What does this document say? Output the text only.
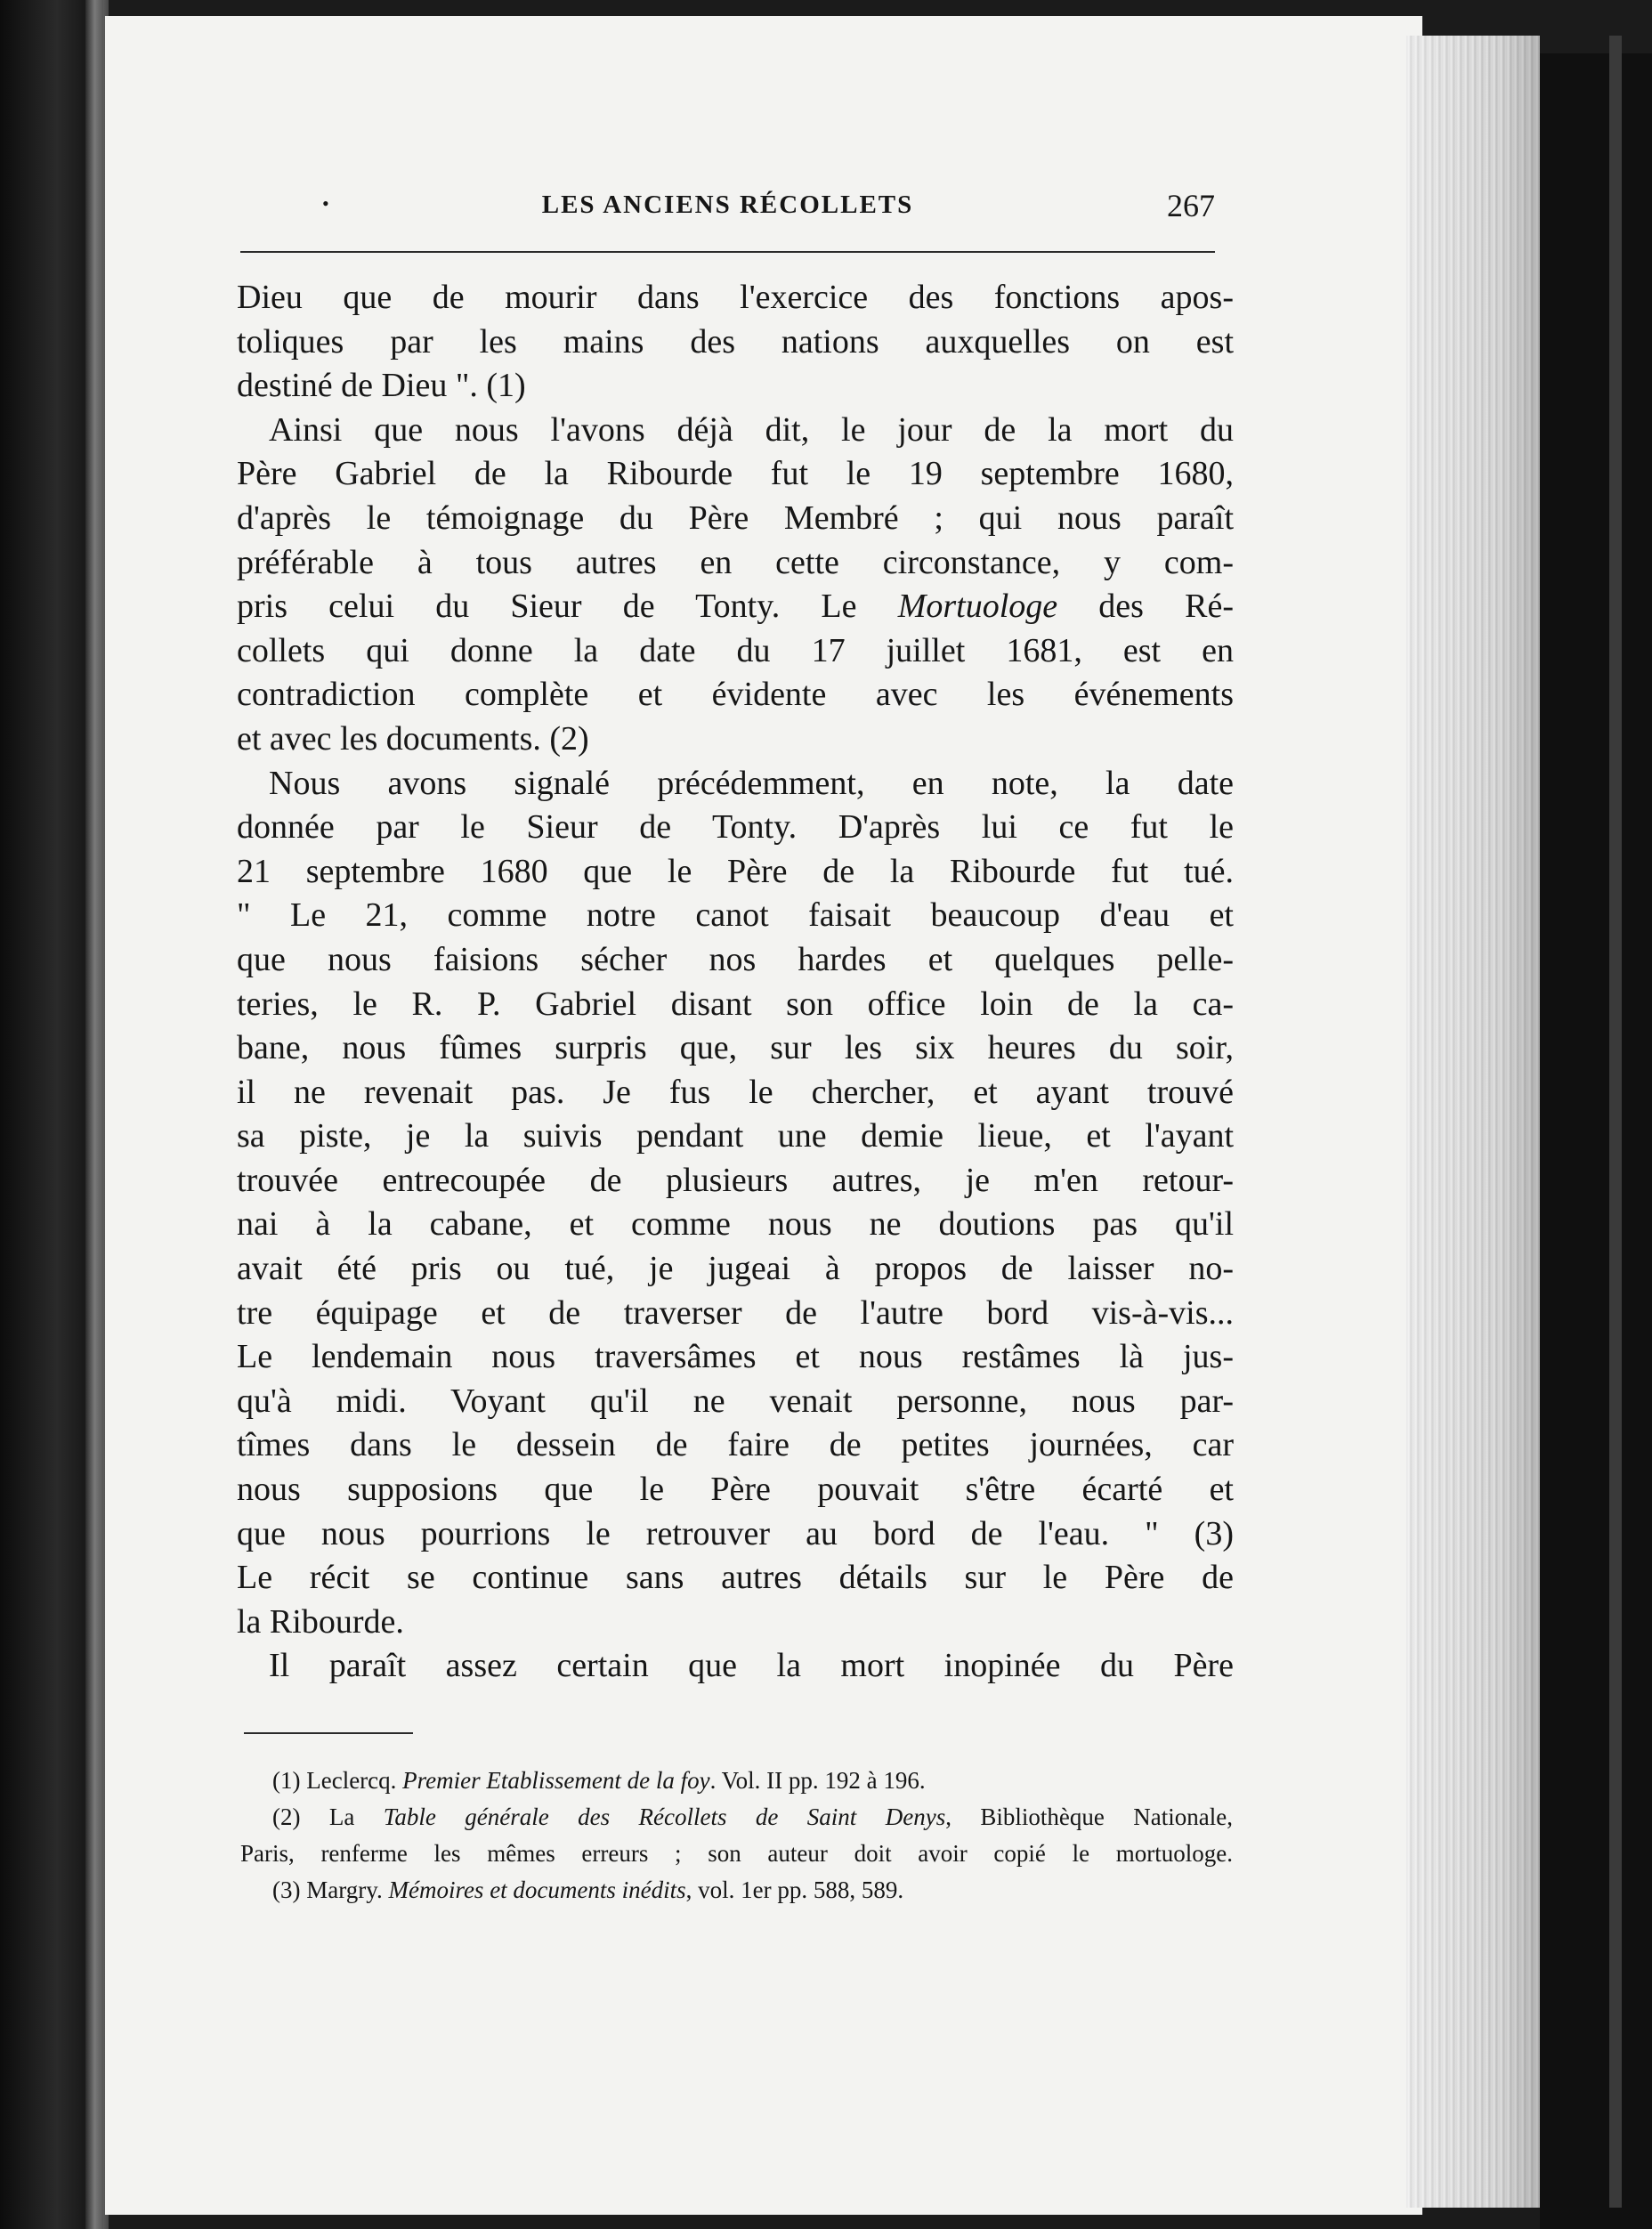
•	LES ANCIENS RÉCOLLETS	267
Dieu que de mourir dans l'exercice des fonctions apos-
toliques par les mains des nations auxquelles on est
destiné de Dieu ". (1)
Ainsi que nous l'avons déjà dit, le jour de la mort du
Père Gabriel de la Ribourde fut le 19 septembre 1680,
d'après le témoignage du Père Membré ; qui nous paraît
préférable à tous autres en cette circonstance, y com-
pris celui du Sieur de Tonty. Le Mortuologe des Ré-
collets qui donne la date du 17 juillet 1681, est en
contradiction complète et évidente avec les événements
et avec les documents. (2)
Nous avons signalé précédemment, en note, la date
donnée par le Sieur de Tonty. D'après lui ce fut le
21 septembre 1680 que le Père de la Ribourde fut tué.
" Le 21, comme notre canot faisait beaucoup d'eau et
que nous faisions sécher nos hardes et quelques pelle-
teries, le R. P. Gabriel disant son office loin de la ca-
bane, nous fûmes surpris que, sur les six heures du soir,
il ne revenait pas. Je fus le chercher, et ayant trouvé
sa piste, je la suivis pendant une demie lieue, et l'ayant
trouvée entrecoupée de plusieurs autres, je m'en retour-
nai à la cabane, et comme nous ne doutions pas qu'il
avait été pris ou tué, je jugeai à propos de laisser no-
tre équipage et de traverser de l'autre bord vis-à-vis...
Le lendemain nous traversâmes et nous restâmes là jus-
qu'à midi. Voyant qu'il ne venait personne, nous par-
tîmes dans le dessein de faire de petites journées, car
nous supposions que le Père pouvait s'être écarté et
que nous pourrions le retrouver au bord de l'eau. " (3)
Le récit se continue sans autres détails sur le Père de
la Ribourde.
Il paraît assez certain que la mort inopinée du Père
(1) Leclercq. Premier Etablissement de la foy. Vol. II pp. 192 à 196.
(2) La Table générale des Récollets de Saint Denys, Bibliothèque Nationale,
Paris, renferme les mêmes erreurs ; son auteur doit avoir copié le mortuologe.
(3) Margry. Mémoires et documents inédits, vol. 1er pp. 588, 589.
